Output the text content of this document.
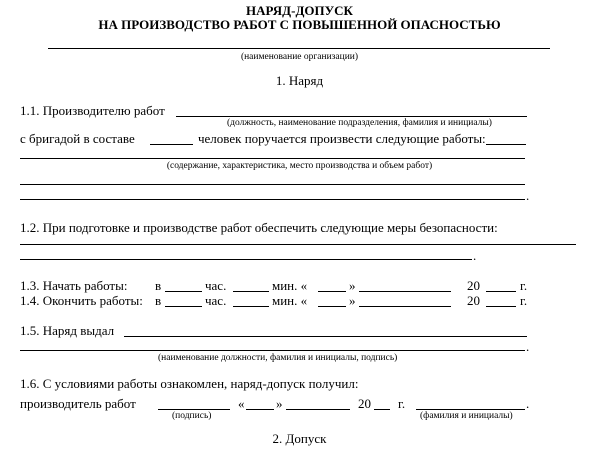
НАРЯД-ДОПУСК
НА ПРОИЗВОДСТВО РАБОТ С ПОВЫШЕННОЙ ОПАСНОСТЬЮ
(наименование организации)
1. Наряд
1.1. Производителю работ
(должность, наименование подразделения, фамилия и инициалы)
с бригадой в составе	человек поручается произвести следующие работы:
(содержание, характеристика, место производства и объем работ)
.
1.2. При подготовке и производстве работ обеспечить следующие меры безопасности:
.
1.3. Начать работы: в	час.	мин. «	»	20	г.
1.4. Окончить работы: в	час.	мин. «	»	20	г.
1.5. Наряд выдал
.
(наименование должности, фамилия и инициалы, подпись)
1.6. С условиями работы ознакомлен, наряд-допуск получил:
производитель работ	« »	20 г.	.
(подпись)	(фамилия и инициалы)
2. Допуск
